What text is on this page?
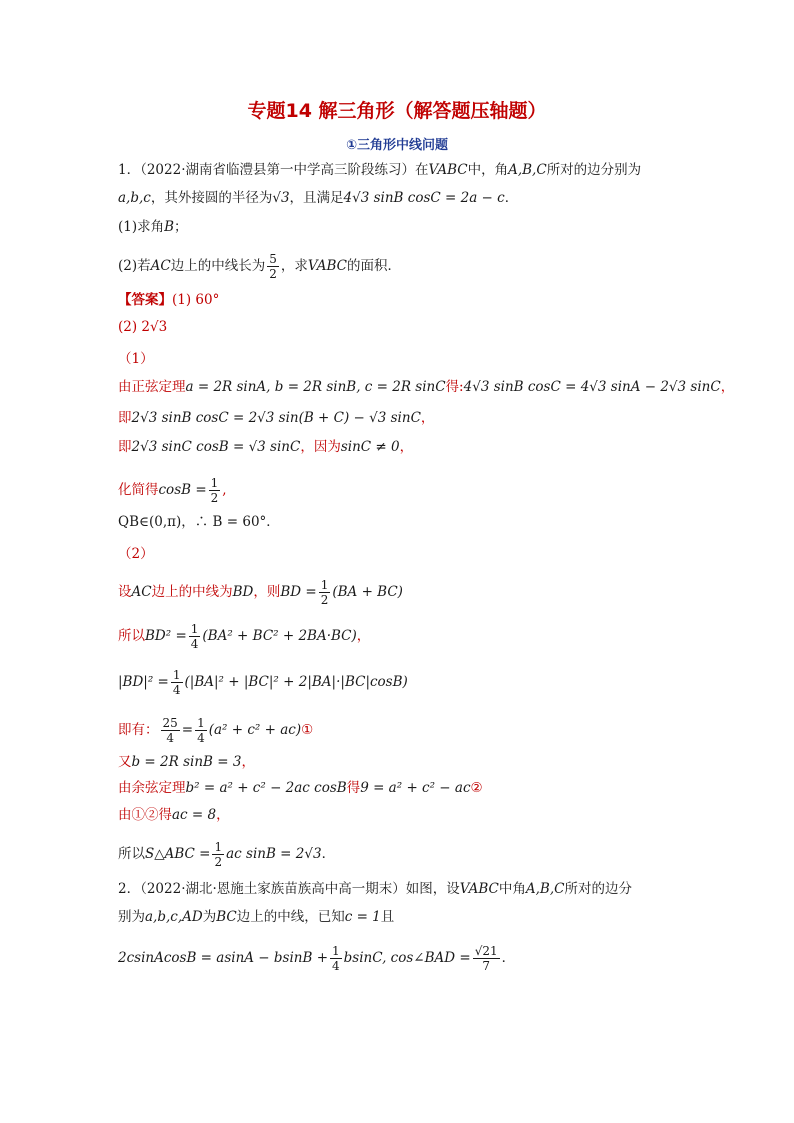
专题14 解三角形（解答题压轴题）
①三角形中线问题
1．（2022·湖南省临澧县第一中学高三阶段练习）在VABC中，角A,B,C所对的边分别为
a,b,c，其外接圆的半径为√3，且满足4√3 sinB cosC = 2a − c．
(1)求角B；
(2)若AC边上的中线长为 $\frac{5}{2}$ ，求VABC的面积．
【答案】(1) 60°
(2) 2√3
（1）
由正弦定理a = 2R sinA, b = 2R sinB, c = 2R sinC得:4√3 sinB cosC = 4√3 sinA − 2√3 sinC，
即2√3 sinB cosC = 2√3 sin(B + C) − √3 sinC，
即2√3 sinC cosB = √3 sinC，因为sinC ≠ 0，
化简得$\cos B = \frac{1}{2}$ ,
QB∈(0,π)，∴ B = 60°．
（2）
设AC边上的中线为BD，则BD = $\frac{1}{2} (BA + BC)$
所以$BD^2 = \frac{1}{4} (BA^2 + BC^2 + 2BA\cdot BC)$，
$|BD|^2 = \frac{1}{4} (|BA|^2 + |BC|^2 + 2|BA|\cdot|BC|\cos B)$
即有： $\frac{25}{4} = \frac{1}{4} (a^2 + c^2$ + ac)①
又b = 2R sinB = 3，
由余弦定理b² = a² + c² − 2ac cosB得9 = a² + c² − ac②
由①②得ac = 8，
所以S△ABC = $\frac{1}{2}$ ac sinB = 2√3．
2．（2022·湖北·恩施土家族苗族高中高一期末）如图，设VABC中角A,B,C所对的边分
别为a,b,c,AD为BC边上的中线，已知c = 1且
2csinAcosB = $asinA - bsinB + \frac{1}{4} bsinC$, cos∠BAD = $\frac{√21}{7}$ ．
